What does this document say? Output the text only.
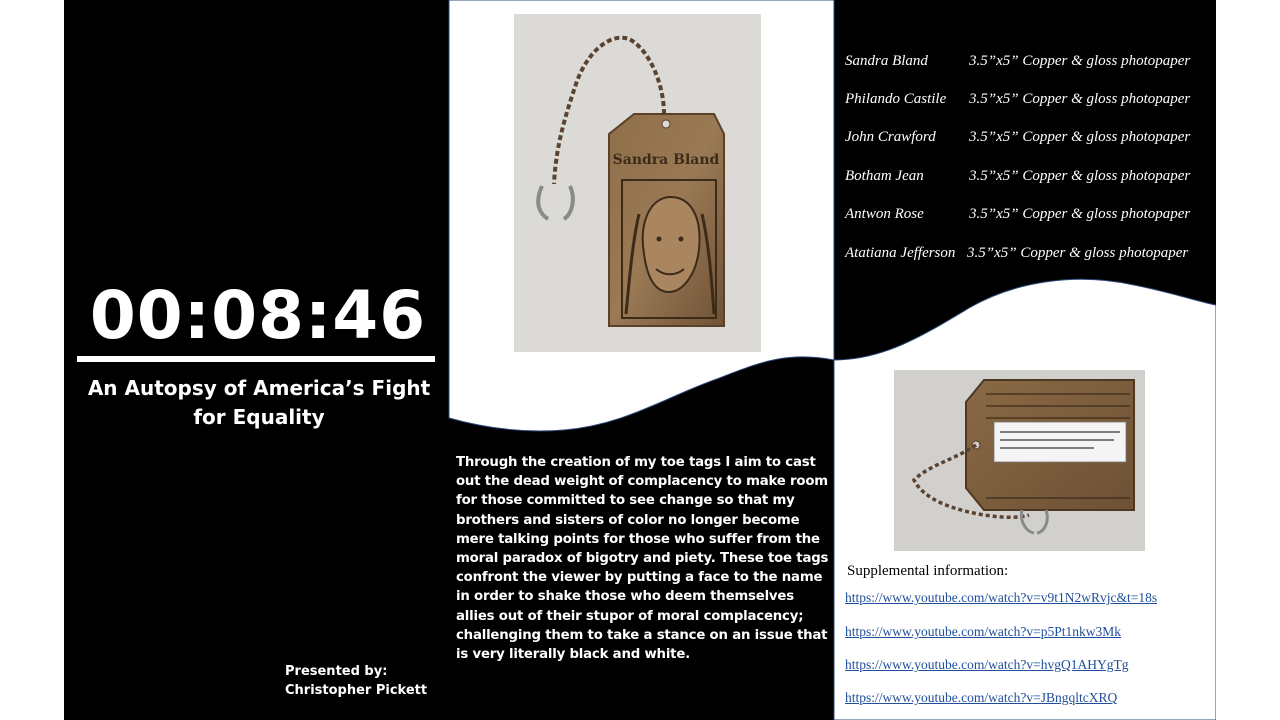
00:08:46
An Autopsy of America’s Fight
for Equality
Presented by:
Christopher Pickett
Sandra Bland
Sandra Bland	3.5”x5” Copper & gloss photopaper
Philando Castile	3.5”x5” Copper & gloss photopaper
John Crawford	3.5”x5” Copper & gloss photopaper
Botham Jean	3.5”x5” Copper & gloss photopaper
Antwon Rose	3.5”x5” Copper & gloss photopaper
Atatiana Jefferson 3.5”x5” Copper & gloss photopaper
Through the creation of my toe tags I aim to cast out the dead weight of complacency to make room for those committed to see change so that my brothers and sisters of color no longer become mere talking points for those who suffer from the moral paradox of bigotry and piety. These toe tags confront the viewer by putting a face to the name in order to shake those who deem themselves allies out of their stupor of moral complacency; challenging them to take a stance on an issue that is very literally black and white.
Supplemental information:
https://www.youtube.com/watch?v=v9t1N2wRvjc&t=18s
https://www.youtube.com/watch?v=p5Pt1nkw3Mk
https://www.youtube.com/watch?v=hvgQ1AHYgTg
https://www.youtube.com/watch?v=JBngqltcXRQ
